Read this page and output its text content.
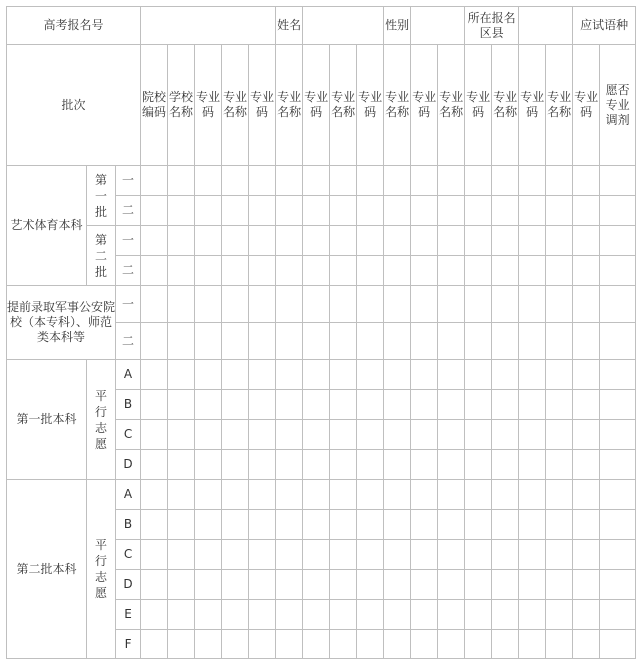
高考报名号								姓名				性别			所在报名区县				应试语种		
批次			院校编码	学校名称	专业码	专业名称	专业码	专业名称	专业码	专业名称	专业码	专业名称	专业码	专业名称	专业码	专业名称	专业码	专业名称	专业码	愿否专业调剂	
艺术体育本科	第一批	一																			
		二																			
	第二批	一																			
		二																			
提前录取军事公安院校（本专科）、师范类本科等		一																			
		二																			
第一批本科	平行志愿	A																			
		B																			
		C																			
		D																			
第二批本科	平行志愿	A																			
		B																			
		C																			
		D																			
		E																			
		F																			
